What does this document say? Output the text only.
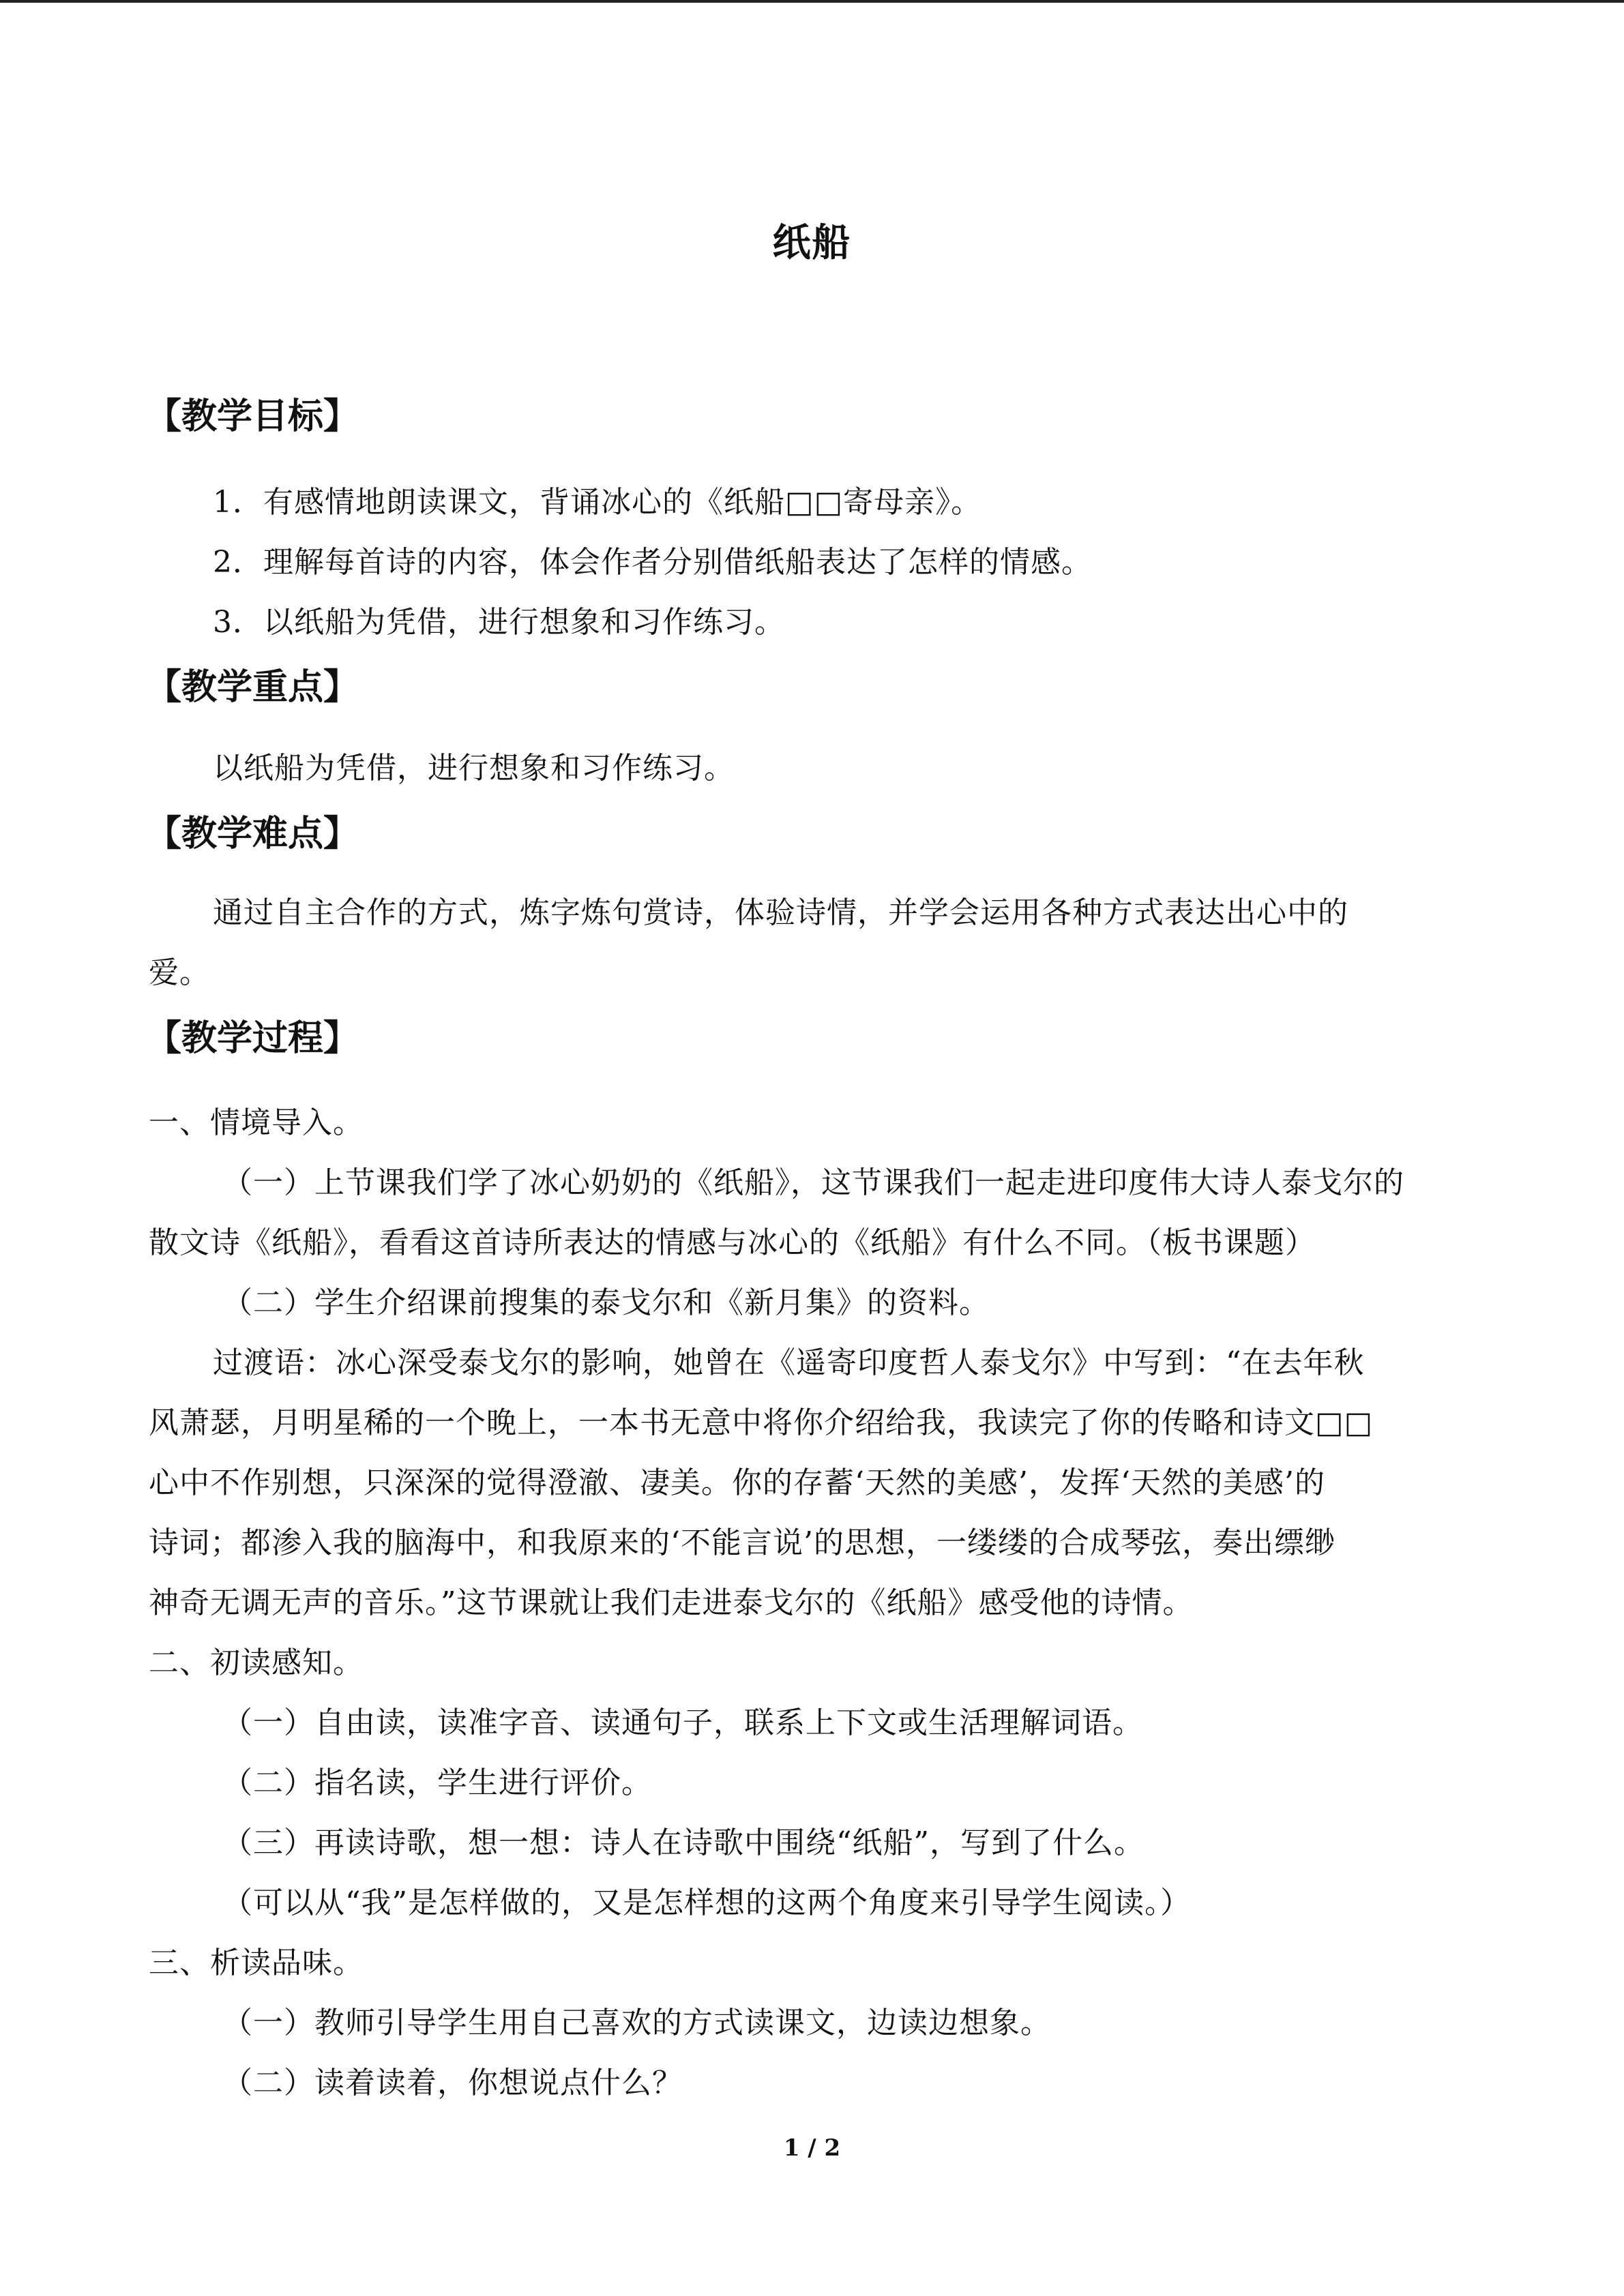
纸船
【教学目标】
1．有感情地朗读课文，背诵冰心的《纸船□□寄母亲》。
2．理解每首诗的内容，体会作者分别借纸船表达了怎样的情感。
3．以纸船为凭借，进行想象和习作练习。
【教学重点】
以纸船为凭借，进行想象和习作练习。
【教学难点】
通过自主合作的方式，炼字炼句赏诗，体验诗情，并学会运用各种方式表达出心中的
爱。
【教学过程】
一、情境导入。
（一）上节课我们学了冰心奶奶的《纸船》，这节课我们一起走进印度伟大诗人泰戈尔的
散文诗《纸船》，看看这首诗所表达的情感与冰心的《纸船》有什么不同。（板书课题）
（二）学生介绍课前搜集的泰戈尔和《新月集》的资料。
过渡语：冰心深受泰戈尔的影响，她曾在《遥寄印度哲人泰戈尔》中写到：“在去年秋
风萧瑟，月明星稀的一个晚上，一本书无意中将你介绍给我，我读完了你的传略和诗文□□
心中不作别想，只深深的觉得澄澈、凄美。你的存蓄‘天然的美感’，发挥‘天然的美感’的
诗词；都渗入我的脑海中，和我原来的‘不能言说’的思想，一缕缕的合成琴弦，奏出缥缈
神奇无调无声的音乐。”这节课就让我们走进泰戈尔的《纸船》感受他的诗情。
二、初读感知。
（一）自由读，读准字音、读通句子，联系上下文或生活理解词语。
（二）指名读，学生进行评价。
（三）再读诗歌，想一想：诗人在诗歌中围绕“纸船”，写到了什么。
（可以从“我”是怎样做的，又是怎样想的这两个角度来引导学生阅读。）
三、析读品味。
（一）教师引导学生用自己喜欢的方式读课文，边读边想象。
（二）读着读着，你想说点什么？
1 / 2
